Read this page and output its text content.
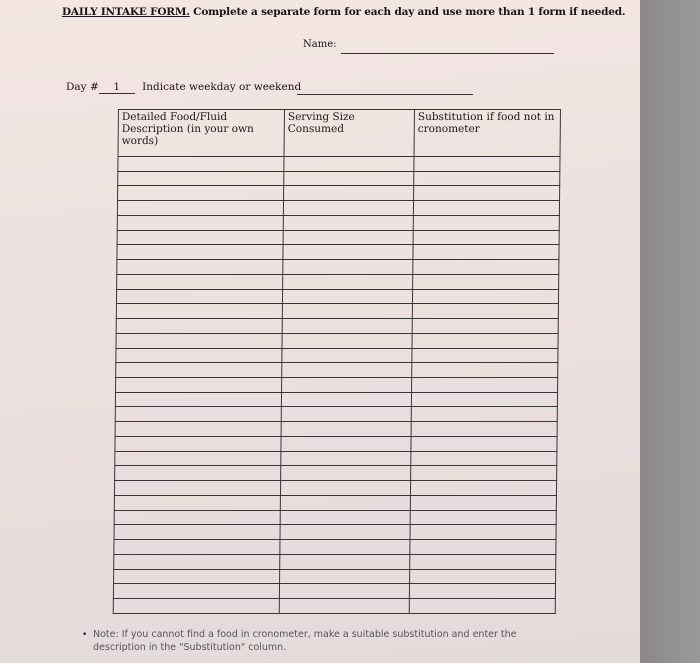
DAILY INTAKE FORM. Complete a separate form for each day and use more than 1 form if needed.
Name:
Day # 1 Indicate weekday or weekend
Detailed Food/Fluid Description (in your own words)	Serving Size Consumed	Substitution if food not in cronometer

• Note: If you cannot find a food in cronometer, make a suitable substitution and enter the description in the "Substitution" column.
